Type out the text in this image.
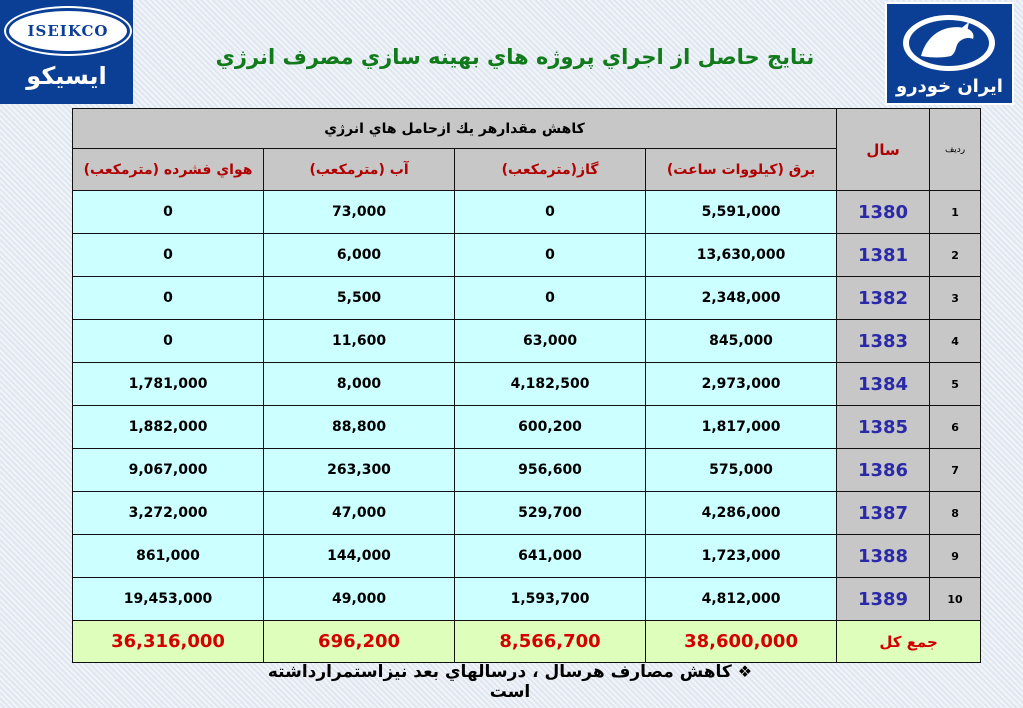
ISEIKCO
ایسیکو	ایران خودرو
نتايج حاصل از اجراي پروژه هاي بهينه سازي مصرف انرژي
رديف	سال	كاهش مقدارهر يك ازحامل هاي انرژي			
		برق (كيلووات ساعت)	گاز(مترمكعب)	آب (مترمكعب)	هواي فشرده (مترمكعب)
1	1380	5,591,000	0	73,000	0
2	1381	13,630,000	0	6,000	0
3	1382	2,348,000	0	5,500	0
4	1383	845,000	63,000	11,600	0
5	1384	2,973,000	4,182,500	8,000	1,781,000
6	1385	1,817,000	600,200	88,800	1,882,000
7	1386	575,000	956,600	263,300	9,067,000
8	1387	4,286,000	529,700	47,000	3,272,000
9	1388	1,723,000	641,000	144,000	861,000
10	1389	4,812,000	1,593,700	49,000	19,453,000
جمع كل		38,600,000	8,566,700	696,200	36,316,000
❖كاهش مصارف هرسال ، درسالهاي بعد نيزاستمرارداشته است
